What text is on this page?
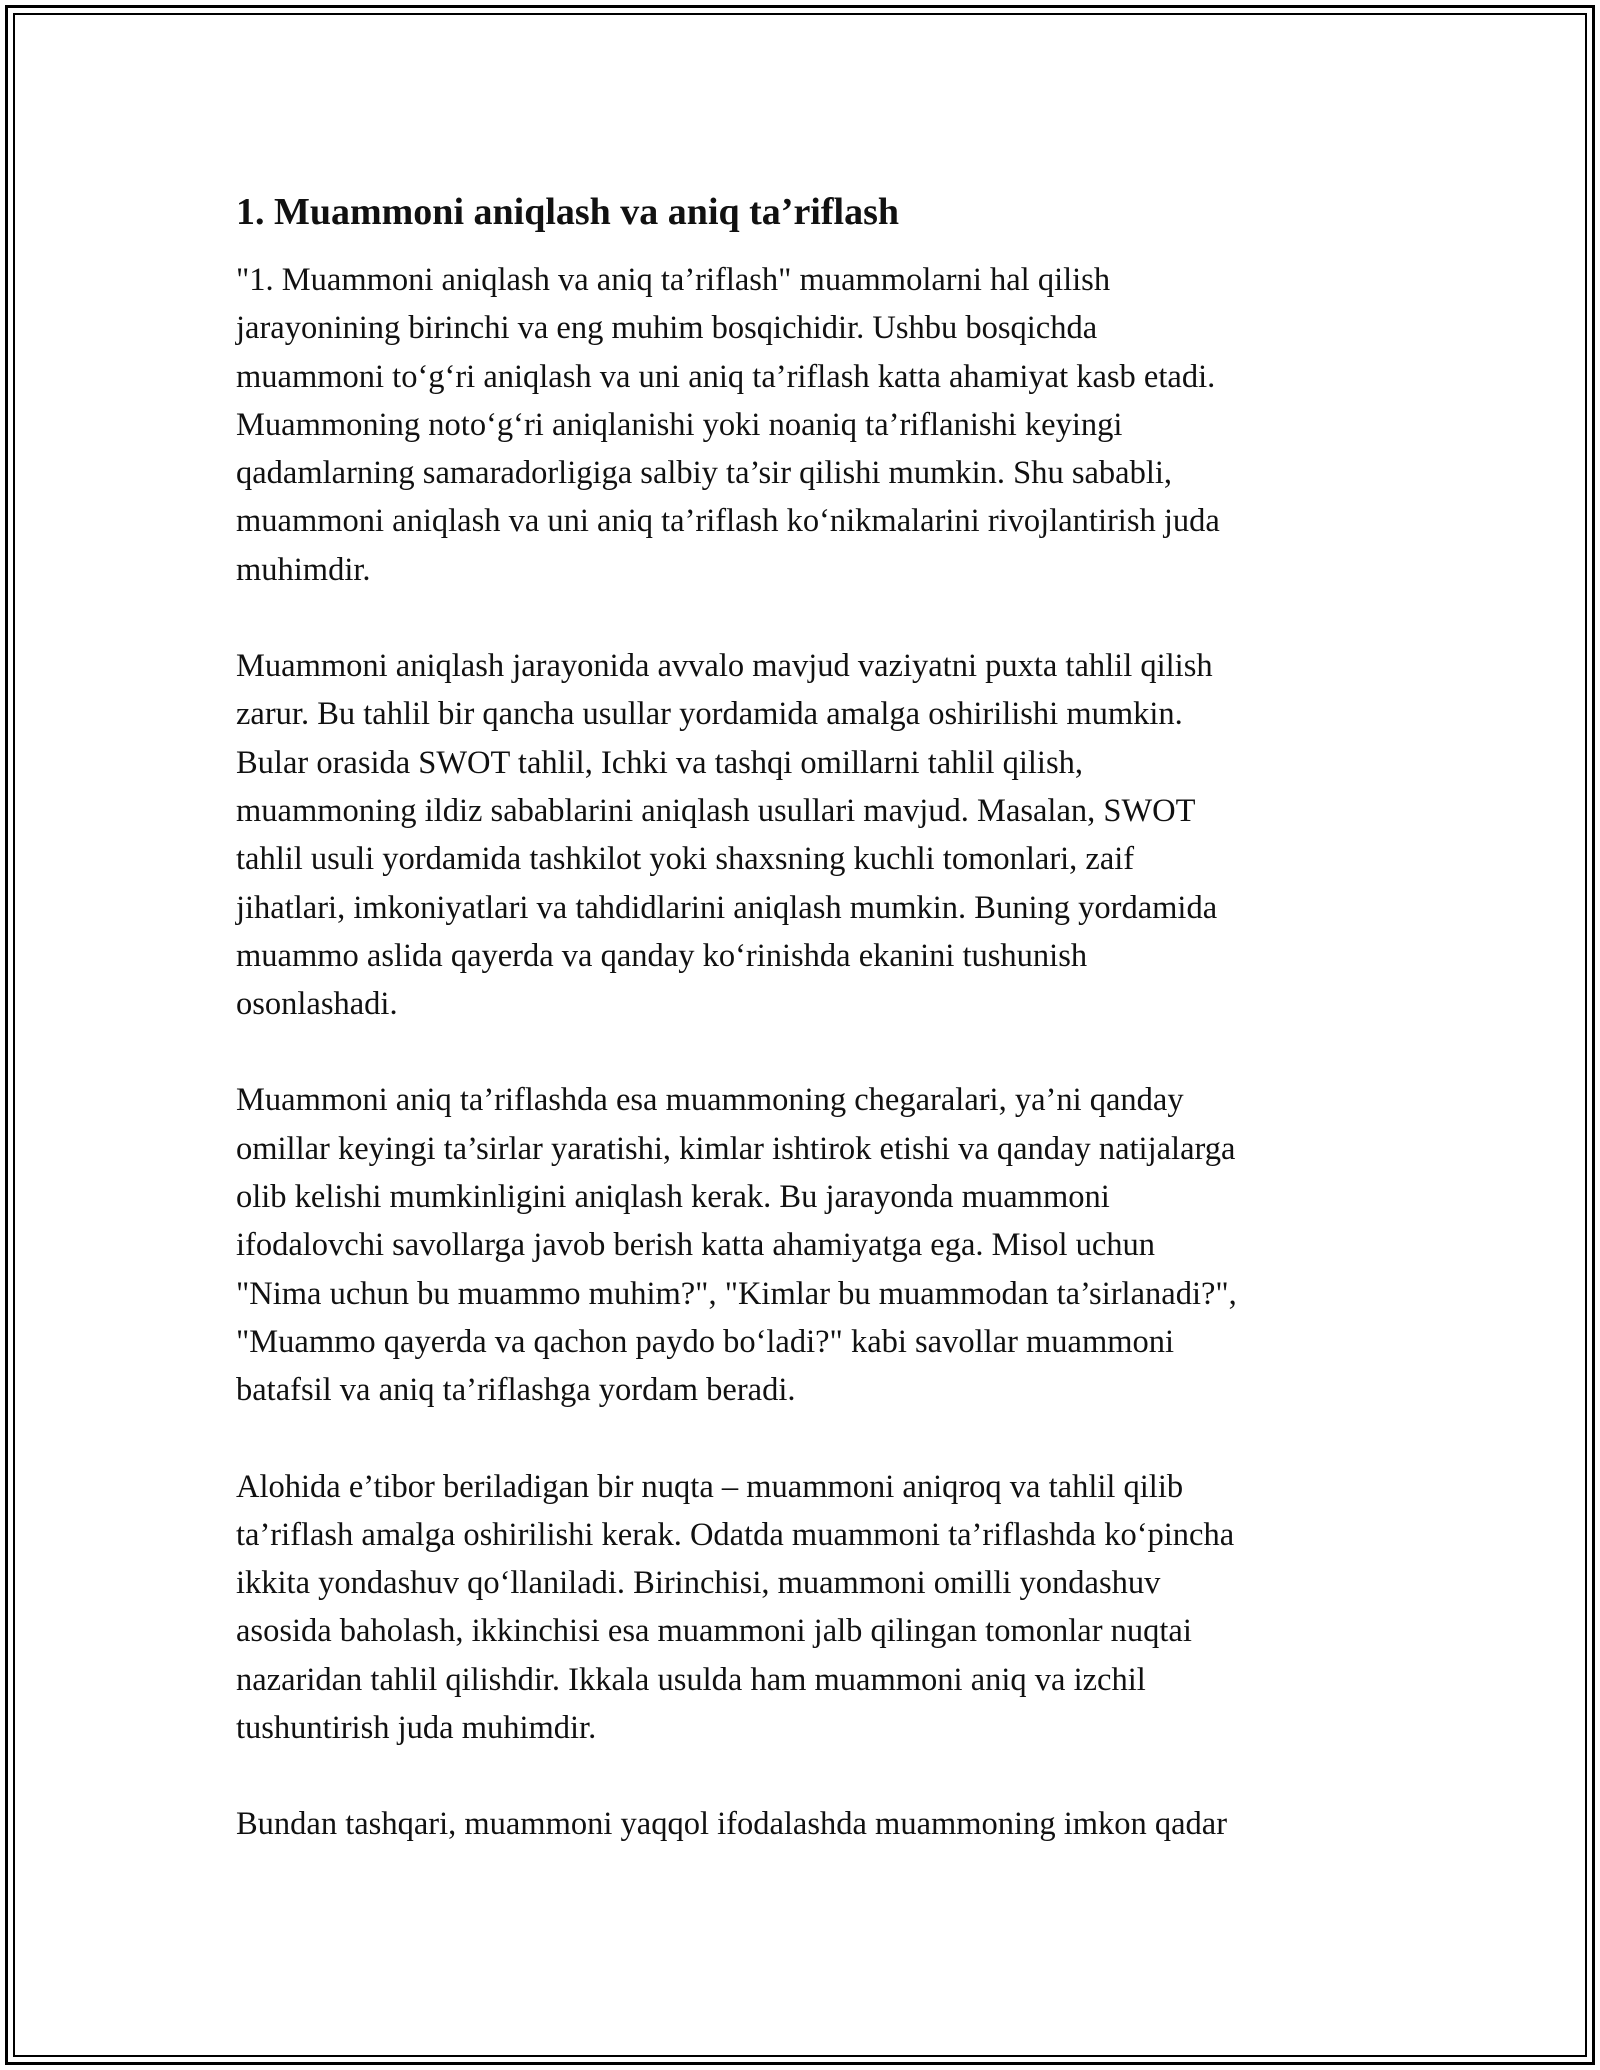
1. Muammoni aniqlash va aniq ta’riflash

"1. Muammoni aniqlash va aniq ta’riflash" muammolarni hal qilish
jarayonining birinchi va eng muhim bosqichidir. Ushbu bosqichda
muammoni to‘g‘ri aniqlash va uni aniq ta’riflash katta ahamiyat kasb etadi.
Muammoning noto‘g‘ri aniqlanishi yoki noaniq ta’riflanishi keyingi
qadamlarning samaradorligiga salbiy ta’sir qilishi mumkin. Shu sababli,
muammoni aniqlash va uni aniq ta’riflash ko‘nikmalarini rivojlantirish juda
muhimdir.

Muammoni aniqlash jarayonida avvalo mavjud vaziyatni puxta tahlil qilish
zarur. Bu tahlil bir qancha usullar yordamida amalga oshirilishi mumkin.
Bular orasida SWOT tahlil, Ichki va tashqi omillarni tahlil qilish,
muammoning ildiz sabablarini aniqlash usullari mavjud. Masalan, SWOT
tahlil usuli yordamida tashkilot yoki shaxsning kuchli tomonlari, zaif
jihatlari, imkoniyatlari va tahdidlarini aniqlash mumkin. Buning yordamida
muammo aslida qayerda va qanday ko‘rinishda ekanini tushunish
osonlashadi.

Muammoni aniq ta’riflashda esa muammoning chegaralari, ya’ni qanday
omillar keyingi ta’sirlar yaratishi, kimlar ishtirok etishi va qanday natijalarga
olib kelishi mumkinligini aniqlash kerak. Bu jarayonda muammoni
ifodalovchi savollarga javob berish katta ahamiyatga ega. Misol uchun
"Nima uchun bu muammo muhim?", "Kimlar bu muammodan ta’sirlanadi?",
"Muammo qayerda va qachon paydo bo‘ladi?" kabi savollar muammoni
batafsil va aniq ta’riflashga yordam beradi.

Alohida e’tibor beriladigan bir nuqta – muammoni aniqroq va tahlil qilib
ta’riflash amalga oshirilishi kerak. Odatda muammoni ta’riflashda ko‘pincha
ikkita yondashuv qo‘llaniladi. Birinchisi, muammoni omilli yondashuv
asosida baholash, ikkinchisi esa muammoni jalb qilingan tomonlar nuqtai
nazaridan tahlil qilishdir. Ikkala usulda ham muammoni aniq va izchil
tushuntirish juda muhimdir.

Bundan tashqari, muammoni yaqqol ifodalashda muammoning imkon qadar
